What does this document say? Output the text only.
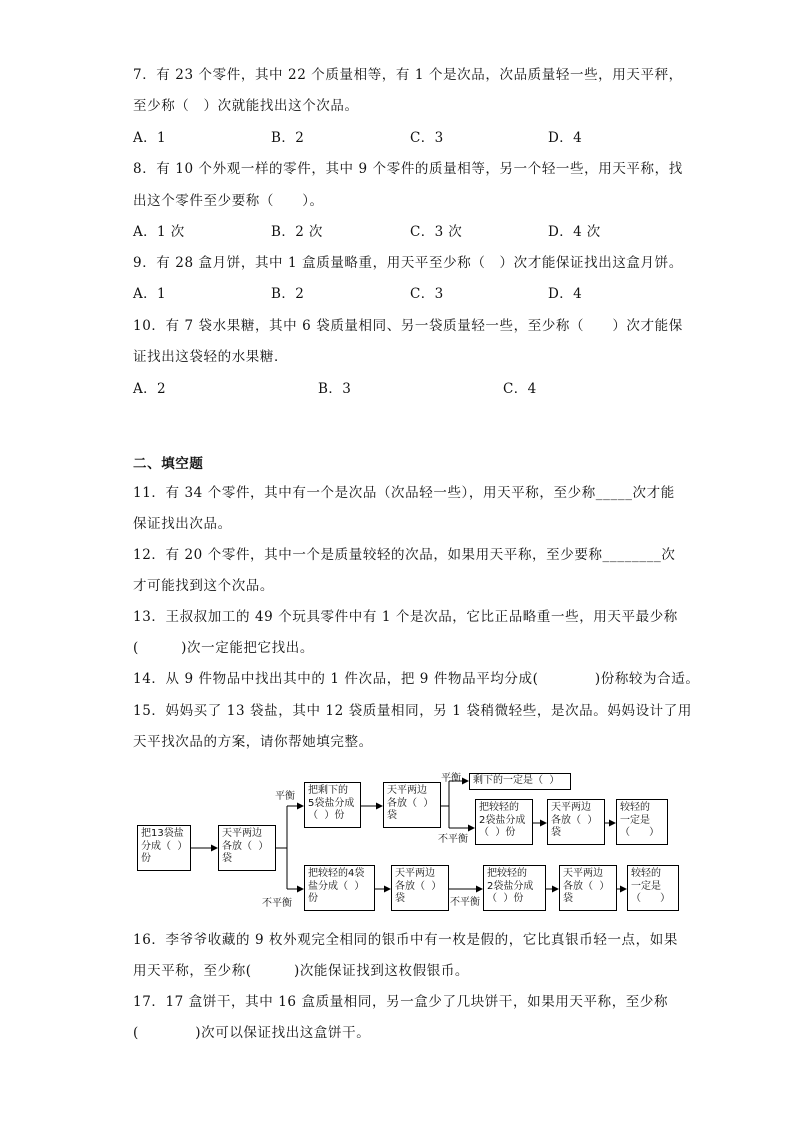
7．有 23 个零件，其中 22 个质量相等，有 1 个是次品，次品质量轻一些，用天平秤，
至少称（　）次就能找出这个次品。
A．1	B．2	C．3	D．4
8．有 10 个外观一样的零件，其中 9 个零件的质量相等，另一个轻一些，用天平称，找
出这个零件至少要称（　　）。
A．1 次	B．2 次	C．3 次	D．4 次
9．有 28 盒月饼，其中 1 盒质量略重，用天平至少称（　）次才能保证找出这盒月饼。
A．1	B．2	C．3	D．4
10．有 7 袋水果糖，其中 6 袋质量相同、另一袋质量轻一些，至少称（　　）次才能保
证找出这袋轻的水果糖．
A．2	B．3	C．4
二、填空题
11．有 34 个零件，其中有一个是次品（次品轻一些），用天平称，至少称_____次才能
保证找出次品。
12．有 20 个零件，其中一个是质量较轻的次品，如果用天平称，至少要称________次
才可能找到这个次品。
13．王叔叔加工的 49 个玩具零件中有 1 个是次品，它比正品略重一些，用天平最少称
(　　　)次一定能把它找出。
14．从 9 件物品中找出其中的 1 件次品，把 9 件物品平均分成(　　　　)份称较为合适。
15．妈妈买了 13 袋盐，其中 12 袋质量相同，另 1 袋稍微轻些，是次品。妈妈设计了用
天平找次品的方案，请你帮她填完整。
把13袋盐
分成（  ）
份
天平两边
各放（  ）
袋
平衡
不平衡
把剩下的
5袋盐分成
（  ）份
天平两边
各放（  ）
袋
平衡
不平衡
剩下的一定是（  ）
把较轻的
2袋盐分成
（  ）份
天平两边
各放（  ）
袋
较轻的
一定是
（      ）
把较轻的4袋
盐分成（  ）
份
天平两边
各放（  ）
袋	不平衡
把较轻的
2袋盐分成
（  ）份
天平两边
各放（  ）
袋
较轻的
一定是
（      ）
16．李爷爷收藏的 9 枚外观完全相同的银币中有一枚是假的，它比真银币轻一点，如果
用天平称，至少称(　　　)次能保证找到这枚假银币。
17．17 盒饼干，其中 16 盒质量相同，另一盒少了几块饼干，如果用天平称，至少称
(　　　　)次可以保证找出这盒饼干。
